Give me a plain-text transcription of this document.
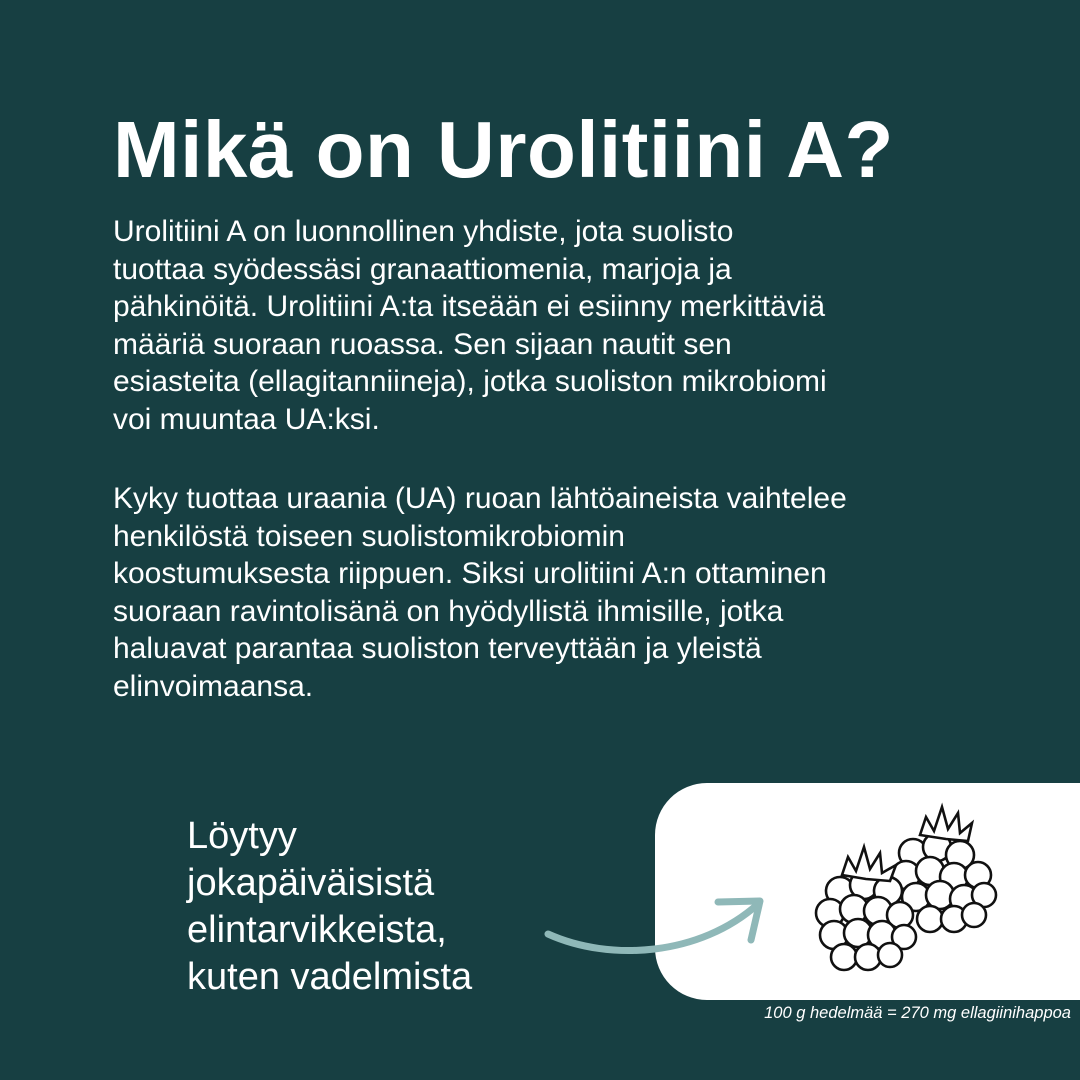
Mikä on Urolitiini A?

Urolitiini A on luonnollinen yhdiste, jota suolisto
tuottaa syödessäsi granaattiomenia, marjoja ja
pähkinöitä. Urolitiini A:ta itseään ei esiinny merkittäviä
määriä suoraan ruoassa. Sen sijaan nautit sen
esiasteita (ellagitanniineja), jotka suoliston mikrobiomi
voi muuntaa UA:ksi.

Kyky tuottaa uraania (UA) ruoan lähtöaineista vaihtelee
henkilöstä toiseen suolistomikrobiomin
koostumuksesta riippuen. Siksi urolitiini A:n ottaminen
suoraan ravintolisänä on hyödyllistä ihmisille, jotka
haluavat parantaa suoliston terveyttään ja yleistä
elinvoimaansa.

Löytyy
jokapäiväisistä
elintarvikkeista,
kuten vadelmista

100 g hedelmää = 270 mg ellagiinihappoa
